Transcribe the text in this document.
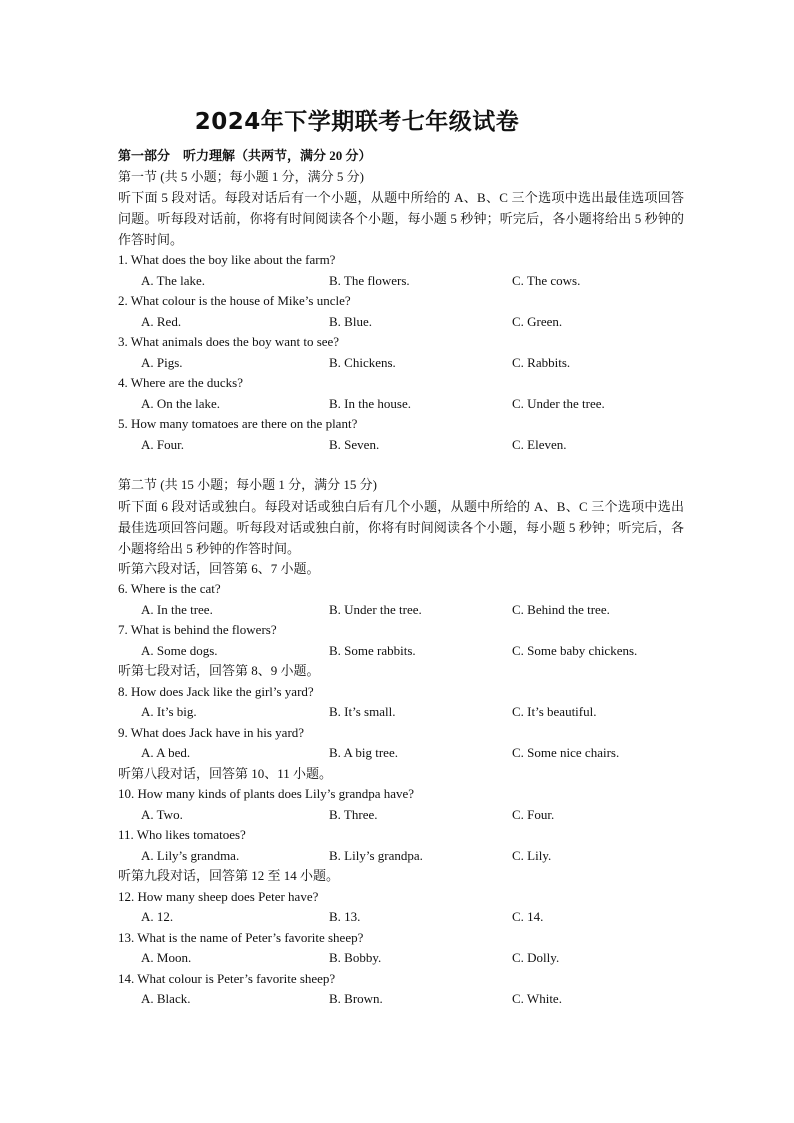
2024年下学期联考七年级试卷
第一部分　听力理解（共两节，满分 20 分）
第一节 (共 5 小题；每小题 1 分，满分 5 分)
听下面 5 段对话。每段对话后有一个小题，从题中所给的 A、B、C 三个选项中选出最佳选项回答问题。听每段对话前，你将有时间阅读各个小题，每小题 5 秒钟；听完后，各小题将给出 5 秒钟的作答时间。
1. What does the boy like about the farm?
A. The lake.	B. The flowers.	C. The cows.
2. What colour is the house of Mike’s uncle?
A. Red.	B. Blue.	C. Green.
3. What animals does the boy want to see?
A. Pigs.	B. Chickens.	C. Rabbits.
4. Where are the ducks?
A. On the lake.	B. In the house.	C. Under the tree.
5. How many tomatoes are there on the plant?
A. Four.	B. Seven.	C. Eleven.
第二节 (共 15 小题；每小题 1 分，满分 15 分)
听下面 6 段对话或独白。每段对话或独白后有几个小题，从题中所给的 A、B、C 三个选项中选出最佳选项回答问题。听每段对话或独白前，你将有时间阅读各个小题，每小题 5 秒钟；听完后，各小题将给出 5 秒钟的作答时间。
听第六段对话，回答第 6、7 小题。
6. Where is the cat?
A. In the tree.	B. Under the tree.	C. Behind the tree.
7. What is behind the flowers?
A. Some dogs.	B. Some rabbits.	C. Some baby chickens.
听第七段对话，回答第 8、9 小题。
8. How does Jack like the girl’s yard?
A. It’s big.	B. It’s small.	C. It’s beautiful.
9. What does Jack have in his yard?
A. A bed.	B. A big tree.	C. Some nice chairs.
听第八段对话，回答第 10、11 小题。
10. How many kinds of plants does Lily’s grandpa have?
A. Two.	B. Three.	C. Four.
11. Who likes tomatoes?
A. Lily’s grandma.	B. Lily’s grandpa.	C. Lily.
听第九段对话，回答第 12 至 14 小题。
12. How many sheep does Peter have?
A. 12.	B. 13.	C. 14.
13. What is the name of Peter’s favorite sheep?
A. Moon.	B. Bobby.	C. Dolly.
14. What colour is Peter’s favorite sheep?
A. Black.	B. Brown.	C. White.
